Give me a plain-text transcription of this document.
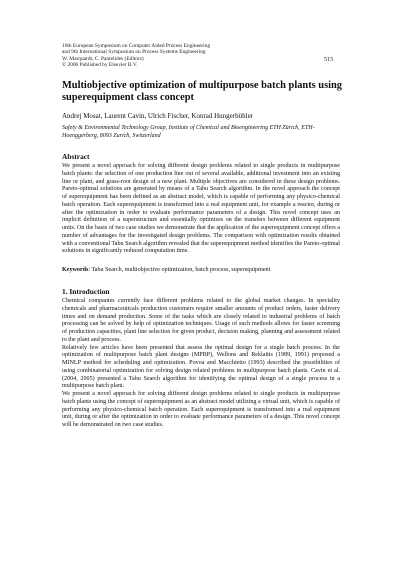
16th European Symposium on Computer Aided Process Engineering
and 9th International Symposium on Process Systems Engineering
W. Marquardt, C. Pantelides (Editors)
© 2006 Published by Elsevier B.V.
515
Multiobjective optimization of multipurpose batch plants using superequipment class concept
Andrej Mosat, Laurent Cavin, Ulrich Fischer, Konrad Hungerbühler
Safety & Environmental Technology Group, Institute of Chemical and Bioengineering ETH Zürich, ETH-Hoenggerberg, 8093 Zurich, Switzerland
Abstract

We present a novel approach for solving different design problems related to single products in multipurpose batch plants: the selection of one production line out of several available, additional investment into an existing line or plant, and grass-root design of a new plant. Multiple objectives are considered in these design problems. Pareto-optimal solutions are generated by means of a Tabu Search algorithm. In the novel approach the concept of superequipment has been defined as an abstract model, which is capable of performing any physico-chemical batch operation. Each superequipment is transformed into a real equipment unit, for example a reactor, during or after the optimization in order to evaluate performance parameters of a design. This novel concept uses an implicit definition of a superstructure and essentially optimizes on the transfers between different equipment units. On the basis of two case studies we demonstrate that the application of the superequipment concept offers a number of advantages for the investigated design problems. The comparison with optimization results obtained with a conventional Tabu Search algorithm revealed that the superequipment method identifies the Pareto-optimal solutions in significantly reduced computation time.

Keywords: Tabu Search, multiobjective optimization, batch process, superequipment
1. Introduction

Chemical companies currently face different problems related to the global market changes. In speciality chemicals and pharmaceuticals production customers require smaller amounts of product orders, faster delivery times and on demand production. Some of the tasks which are closely related to industrial problems of batch processing can be solved by help of optimization techniques. Usage of such methods allows for faster screening of production capacities, plant line selection for given product, decision making, planning and assessment related to the plant and process.

Relatively few articles have been presented that assess the optimal design for a single batch process. In the optimization of multipurpose batch plant designs (MPBP), Wellons and Reklaitis (1989, 1991) proposed a MINLP method for scheduling and optimization. Povoa and Macchietto (1993) described the possibilities of using combinatorial optimization for solving design related problems in multipurpose batch plants. Cavin et al. (2004, 2005) presented a Tabu Search algorithm for identifying the optimal design of a single process in a multipurpose batch plant.

We present a novel approach for solving different design problems related to single products in multipurpose batch plants using the concept of superequipment as an abstract model utilizing a virtual unit, which is capable of performing any physico-chemical batch operation. Each superequipment is transformed into a real equipment unit, during or after the optimization in order to evaluate performance parameters of a design. This novel concept will be demonstrated on two case studies.
